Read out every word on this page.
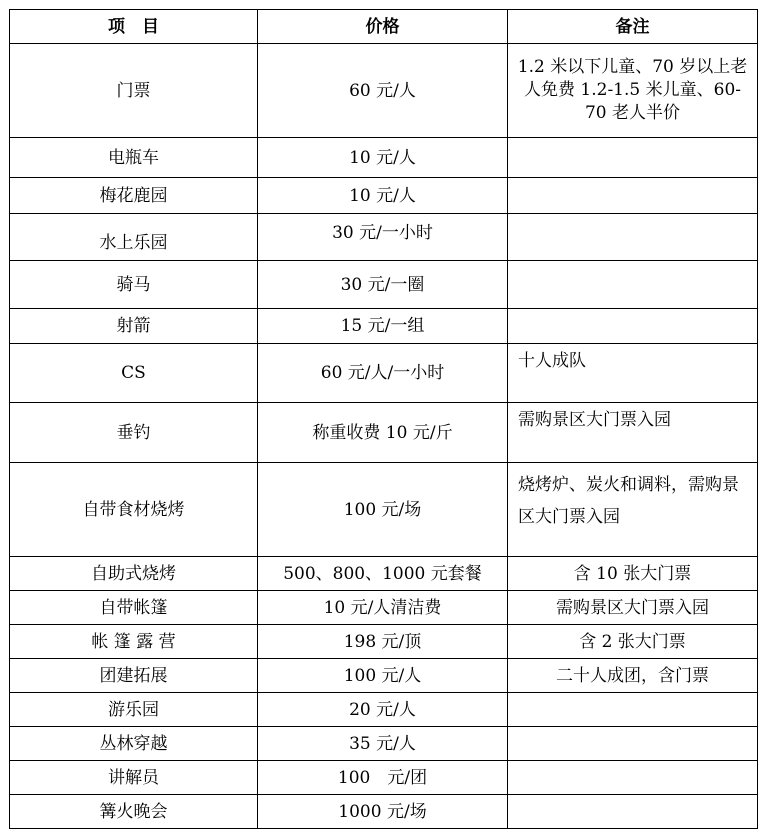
项　目	价格	备注
门票	60 元/人	1.2 米以下儿童、70 岁以上老人免费 1.2-1.5 米儿童、60-70 老人半价
电瓶车	10 元/人	
梅花鹿园	10 元/人	
水上乐园	30 元/一小时	
骑马	30 元/一圈	
射箭	15 元/一组	
CS	60 元/人/一小时	十人成队
垂钓	称重收费 10 元/斤	需购景区大门票入园
自带食材烧烤	100 元/场	烧烤炉、炭火和调料，需购景区大门票入园
自助式烧烤	500、800、1000 元套餐	含 10 张大门票
自带帐篷	10 元/人清洁费	需购景区大门票入园
帐 篷 露 营	198 元/顶	含 2 张大门票
团建拓展	100 元/人	二十人成团，含门票
游乐园	20 元/人	
丛林穿越	35 元/人	
讲解员	100　元/团	
篝火晚会	1000 元/场	
